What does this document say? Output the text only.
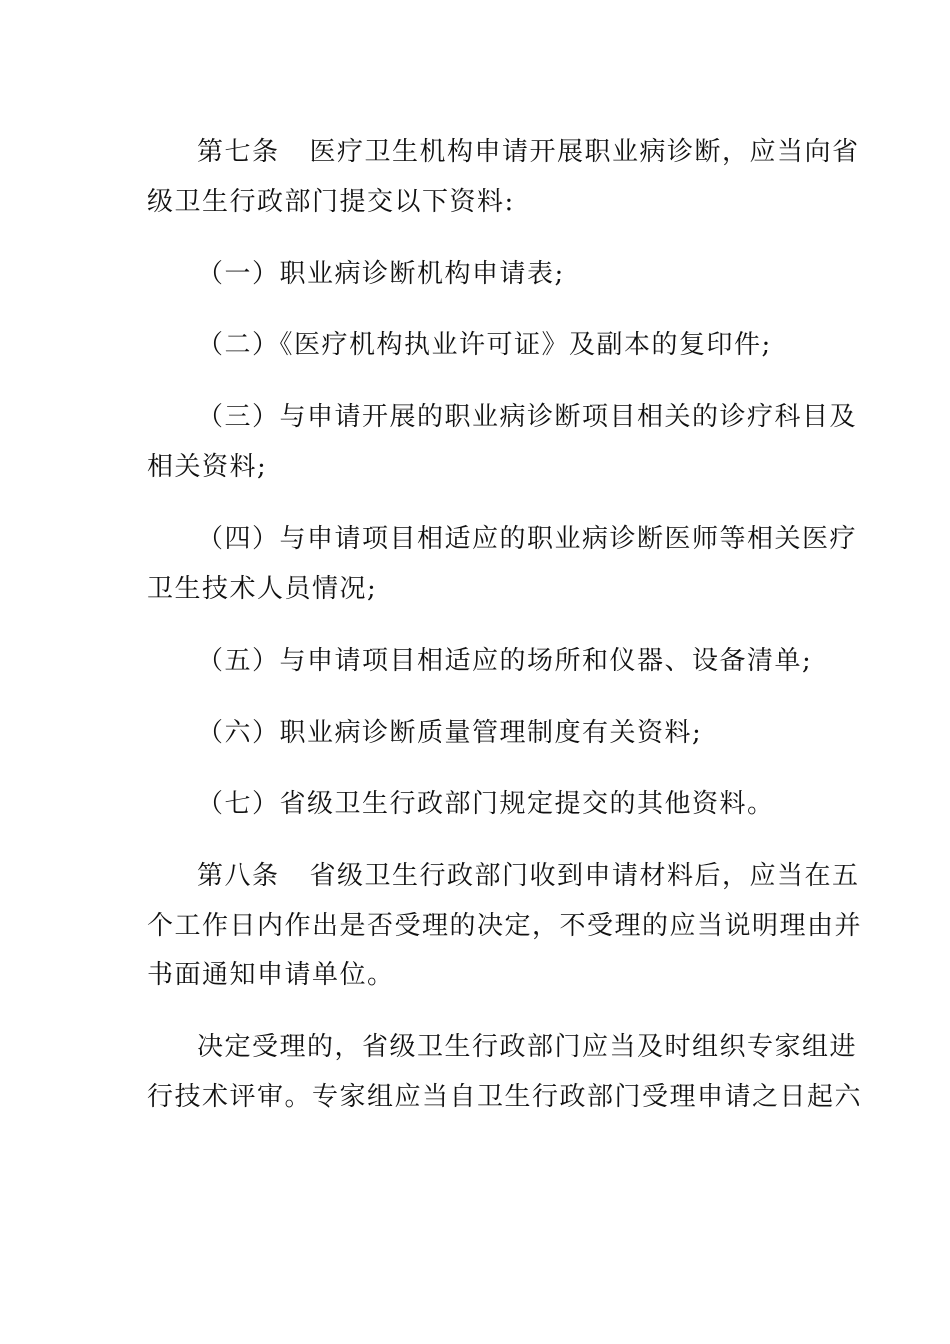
第七条 医疗卫生机构申请开展职业病诊断，应当向省
级卫生行政部门提交以下资料:
（一）职业病诊断机构申请表;
（二）《医疗机构执业许可证》及副本的复印件;
（三）与申请开展的职业病诊断项目相关的诊疗科目及
相关资料;
（四）与申请项目相适应的职业病诊断医师等相关医疗
卫生技术人员情况;
（五）与申请项目相适应的场所和仪器、设备清单;
（六）职业病诊断质量管理制度有关资料;
（七）省级卫生行政部门规定提交的其他资料。
第八条 省级卫生行政部门收到申请材料后，应当在五
个工作日内作出是否受理的决定，不受理的应当说明理由并
书面通知申请单位。
决定受理的，省级卫生行政部门应当及时组织专家组进
行技术评审。专家组应当自卫生行政部门受理申请之日起六
